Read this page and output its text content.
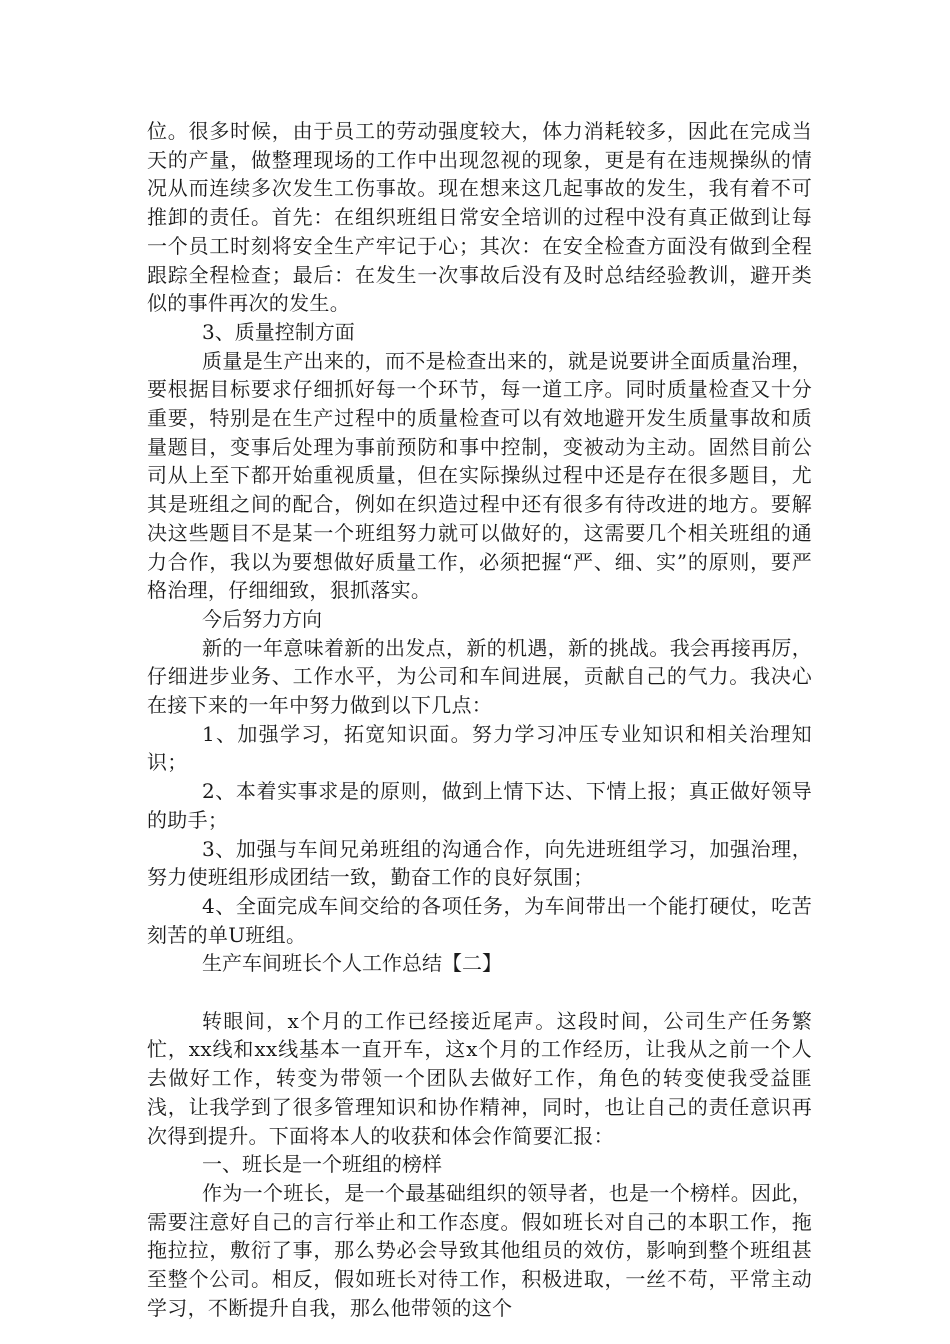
位。很多时候，由于员工的劳动强度较大，体力消耗较多，因此在完成当天的产量，做整理现场的工作中出现忽视的现象，更是有在违规操纵的情况从而连续多次发生工伤事故。现在想来这几起事故的发生，我有着不可推卸的责任。首先：在组织班组日常安全培训的过程中没有真正做到让每一个员工时刻将安全生产牢记于心；其次：在安全检查方面没有做到全程跟踪全程检查；最后：在发生一次事故后没有及时总结经验教训，避开类似的事件再次的发生。

3、质量控制方面

质量是生产出来的，而不是检查出来的，就是说要讲全面质量治理，要根据目标要求仔细抓好每一个环节，每一道工序。同时质量检查又十分重要，特别是在生产过程中的质量检查可以有效地避开发生质量事故和质量题目，变事后处理为事前预防和事中控制，变被动为主动。固然目前公司从上至下都开始重视质量，但在实际操纵过程中还是存在很多题目，尤其是班组之间的配合，例如在织造过程中还有很多有待改进的地方。要解决这些题目不是某一个班组努力就可以做好的，这需要几个相关班组的通力合作，我以为要想做好质量工作，必须把握“严、细、实”的原则，要严格治理，仔细细致，狠抓落实。

今后努力方向

新的一年意味着新的出发点，新的机遇，新的挑战。我会再接再厉，仔细进步业务、工作水平，为公司和车间进展，贡献自己的气力。我决心在接下来的一年中努力做到以下几点：

1、加强学习，拓宽知识面。努力学习冲压专业知识和相关治理知识；

2、本着实事求是的原则，做到上情下达、下情上报；真正做好领导的助手；

3、加强与车间兄弟班组的沟通合作，向先进班组学习，加强治理，努力使班组形成团结一致，勤奋工作的良好氛围；

4、全面完成车间交给的各项任务，为车间带出一个能打硬仗，吃苦刻苦的单U班组。

生产车间班长个人工作总结【二】

转眼间，x个月的工作已经接近尾声。这段时间，公司生产任务繁忙，xx线和xx线基本一直开车，这x个月的工作经历，让我从之前一个人去做好工作，转变为带领一个团队去做好工作，角色的转变使我受益匪浅，让我学到了很多管理知识和协作精神，同时，也让自己的责任意识再次得到提升。下面将本人的收获和体会作简要汇报：

一、班长是一个班组的榜样

作为一个班长，是一个最基础组织的领导者，也是一个榜样。因此，需要注意好自己的言行举止和工作态度。假如班长对自己的本职工作，拖拖拉拉，敷衍了事，那么势必会导致其他组员的效仿，影响到整个班组甚至整个公司。相反，假如班长对待工作，积极进取，一丝不苟，平常主动学习，不断提升自我，那么他带领的这个
